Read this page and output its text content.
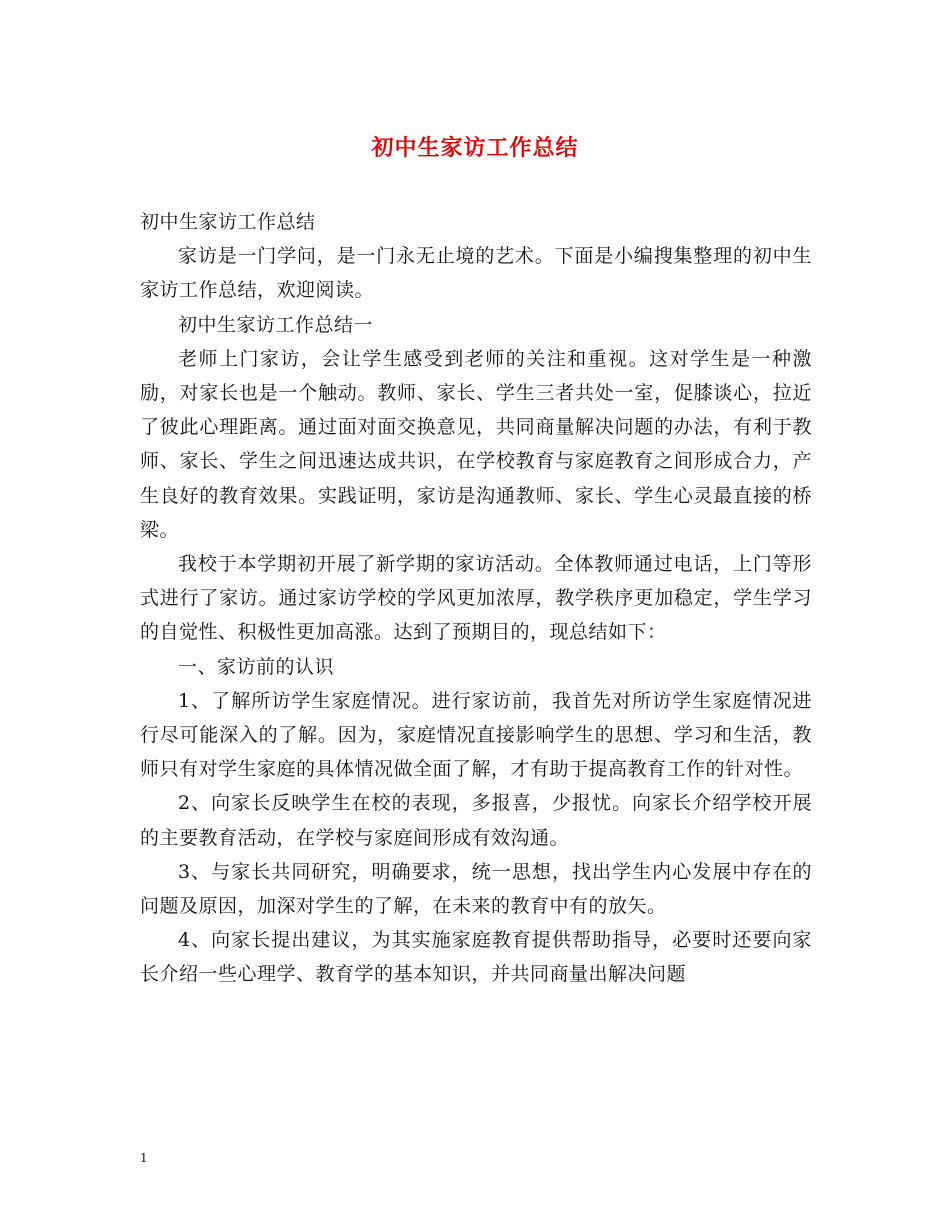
初中生家访工作总结

初中生家访工作总结

家访是一门学问，是一门永无止境的艺术。下面是小编搜集整理的初中生家访工作总结，欢迎阅读。

初中生家访工作总结一

老师上门家访，会让学生感受到老师的关注和重视。这对学生是一种激励，对家长也是一个触动。教师、家长、学生三者共处一室，促膝谈心，拉近了彼此心理距离。通过面对面交换意见，共同商量解决问题的办法，有利于教师、家长、学生之间迅速达成共识，在学校教育与家庭教育之间形成合力，产生良好的教育效果。实践证明，家访是沟通教师、家长、学生心灵最直接的桥梁。

我校于本学期初开展了新学期的家访活动。全体教师通过电话，上门等形式进行了家访。通过家访学校的学风更加浓厚，教学秩序更加稳定，学生学习的自觉性、积极性更加高涨。达到了预期目的，现总结如下：

一、家访前的认识

1、了解所访学生家庭情况。进行家访前，我首先对所访学生家庭情况进行尽可能深入的了解。因为，家庭情况直接影响学生的思想、学习和生活，教师只有对学生家庭的具体情况做全面了解，才有助于提高教育工作的针对性。

2、向家长反映学生在校的表现，多报喜，少报忧。向家长介绍学校开展的主要教育活动，在学校与家庭间形成有效沟通。

3、与家长共同研究，明确要求，统一思想，找出学生内心发展中存在的问题及原因，加深对学生的了解，在未来的教育中有的放矢。

4、向家长提出建议，为其实施家庭教育提供帮助指导，必要时还要向家长介绍一些心理学、教育学的基本知识，并共同商量出解决问题

1
